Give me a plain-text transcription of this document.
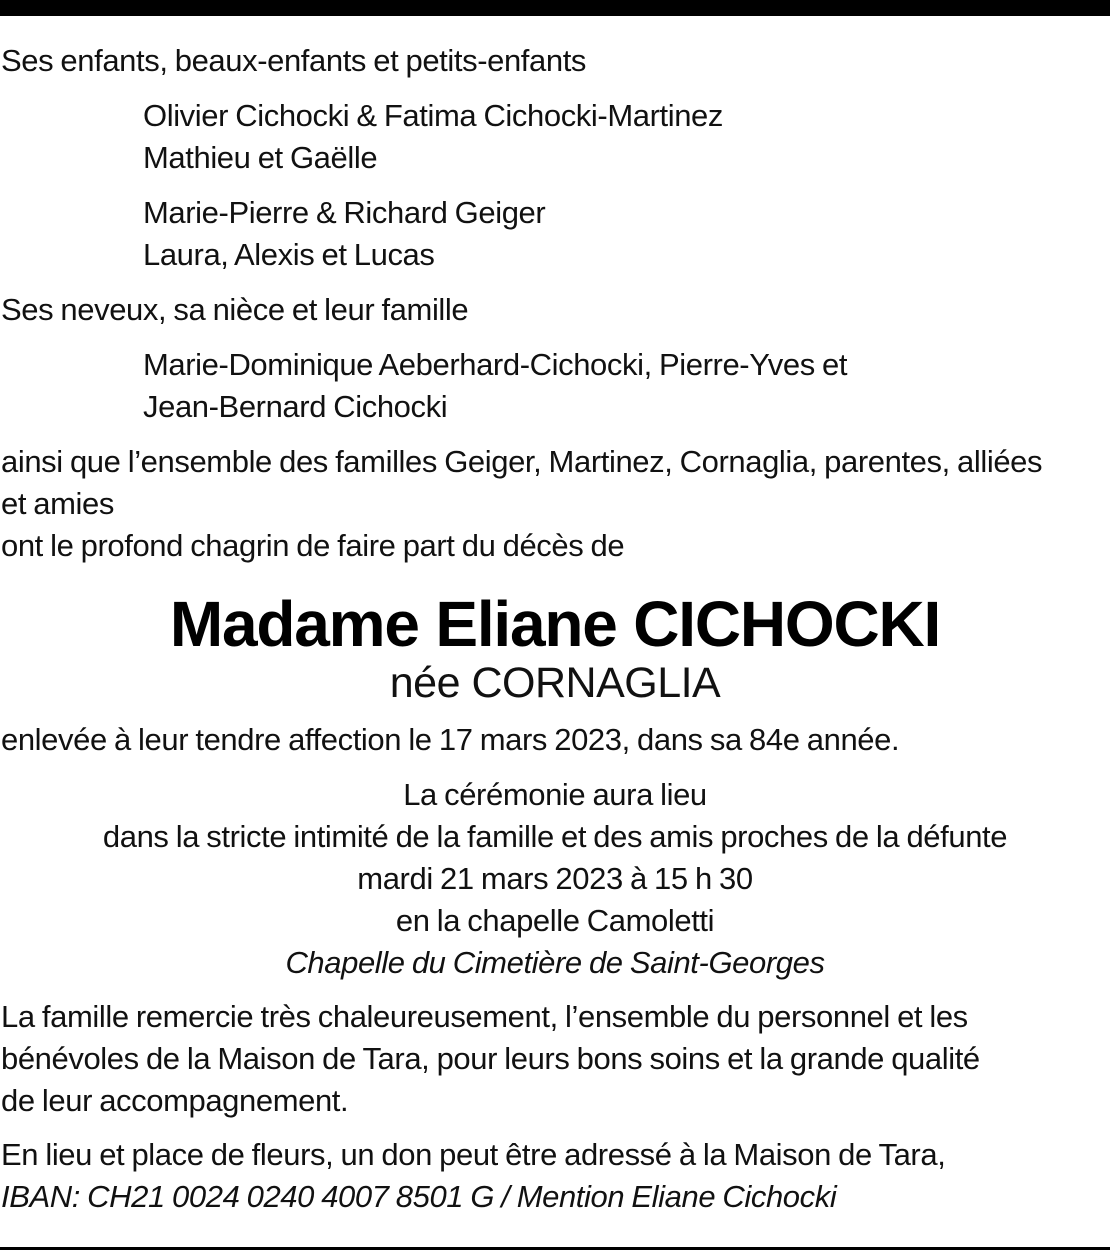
Ses enfants, beaux-enfants et petits-enfants

Olivier Cichocki & Fatima Cichocki-Martinez

Mathieu et Gaëlle

Marie-Pierre & Richard Geiger

Laura, Alexis et Lucas

Ses neveux, sa nièce et leur famille

Marie-Dominique Aeberhard-Cichocki, Pierre-Yves et

Jean-Bernard Cichocki

ainsi que l’ensemble des familles Geiger, Martinez, Cornaglia, parentes, alliées

et amies

ont le profond chagrin de faire part du décès de

Madame Eliane CICHOCKI

née CORNAGLIA

enlevée à leur tendre affection le 17 mars 2023, dans sa 84e année.

La cérémonie aura lieu

dans la stricte intimité de la famille et des amis proches de la défunte

mardi 21 mars 2023 à 15 h 30

en la chapelle Camoletti

Chapelle du Cimetière de Saint-Georges

La famille remercie très chaleureusement, l’ensemble du personnel et les

bénévoles de la Maison de Tara, pour leurs bons soins et la grande qualité

de leur accompagnement.

En lieu et place de fleurs, un don peut être adressé à la Maison de Tara,

IBAN: CH21 0024 0240 4007 8501 G / Mention Eliane Cichocki
